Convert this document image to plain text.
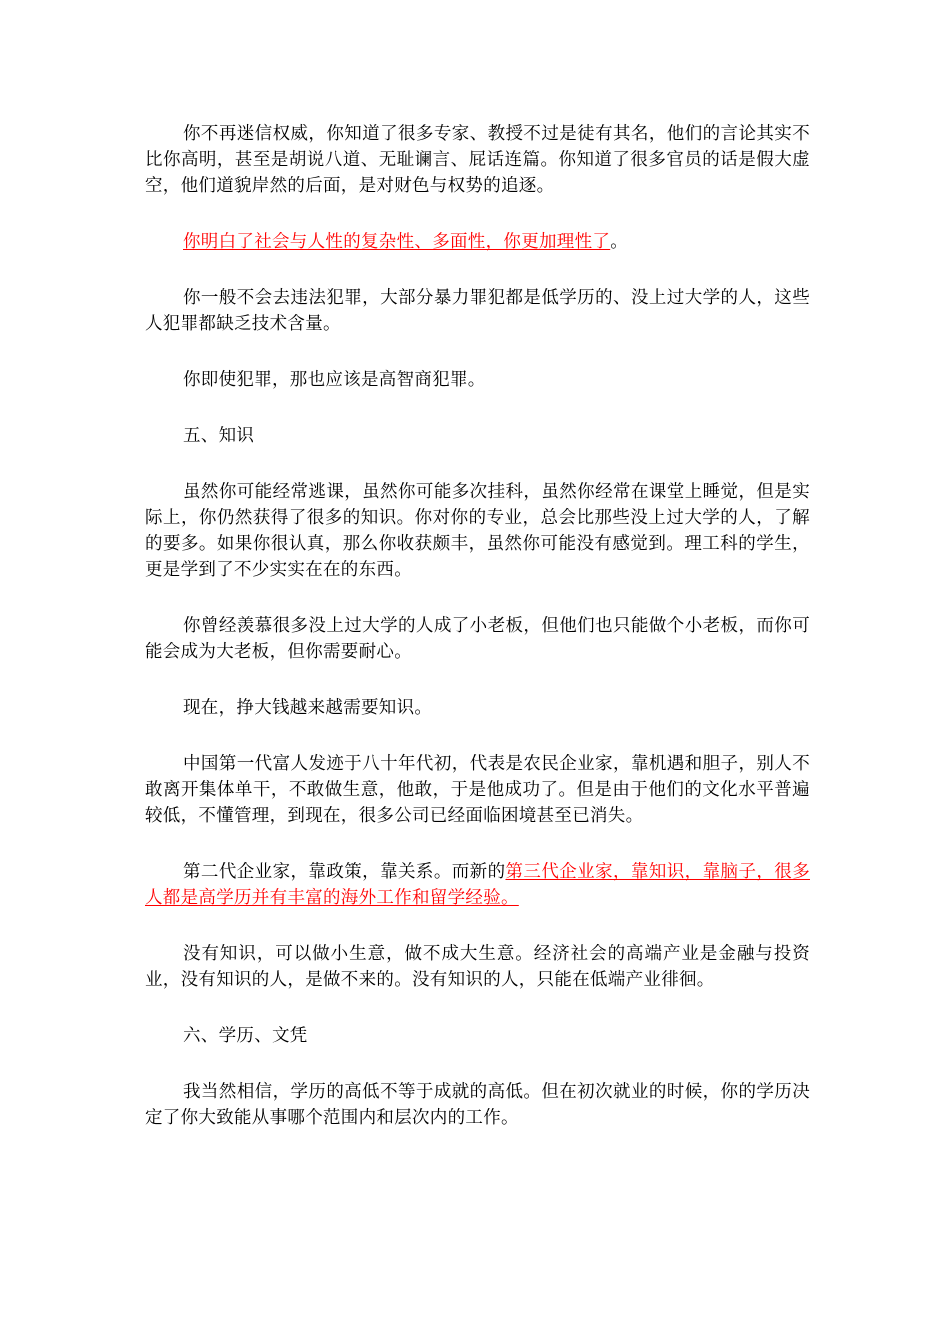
你不再迷信权威，你知道了很多专家、教授不过是徒有其名，他们的言论其实不比你高明，甚至是胡说八道、无耻谰言、屁话连篇。你知道了很多官员的话是假大虚空，他们道貌岸然的后面，是对财色与权势的追逐。

你明白了社会与人性的复杂性、多面性，你更加理性了。

你一般不会去违法犯罪，大部分暴力罪犯都是低学历的、没上过大学的人，这些人犯罪都缺乏技术含量。

你即使犯罪，那也应该是高智商犯罪。

五、知识

虽然你可能经常逃课，虽然你可能多次挂科，虽然你经常在课堂上睡觉，但是实际上，你仍然获得了很多的知识。你对你的专业，总会比那些没上过大学的人，了解的要多。如果你很认真，那么你收获颇丰，虽然你可能没有感觉到。理工科的学生，更是学到了不少实实在在的东西。

你曾经羡慕很多没上过大学的人成了小老板，但他们也只能做个小老板，而你可能会成为大老板，但你需要耐心。

现在，挣大钱越来越需要知识。

中国第一代富人发迹于八十年代初，代表是农民企业家，靠机遇和胆子，别人不敢离开集体单干，不敢做生意，他敢，于是他成功了。但是由于他们的文化水平普遍较低，不懂管理，到现在，很多公司已经面临困境甚至已消失。

第二代企业家，靠政策，靠关系。而新的第三代企业家，靠知识，靠脑子，很多人都是高学历并有丰富的海外工作和留学经验。

没有知识，可以做小生意，做不成大生意。经济社会的高端产业是金融与投资业，没有知识的人，是做不来的。没有知识的人，只能在低端产业徘徊。

六、学历、文凭

我当然相信，学历的高低不等于成就的高低。但在初次就业的时候，你的学历决定了你大致能从事哪个范围内和层次内的工作。
